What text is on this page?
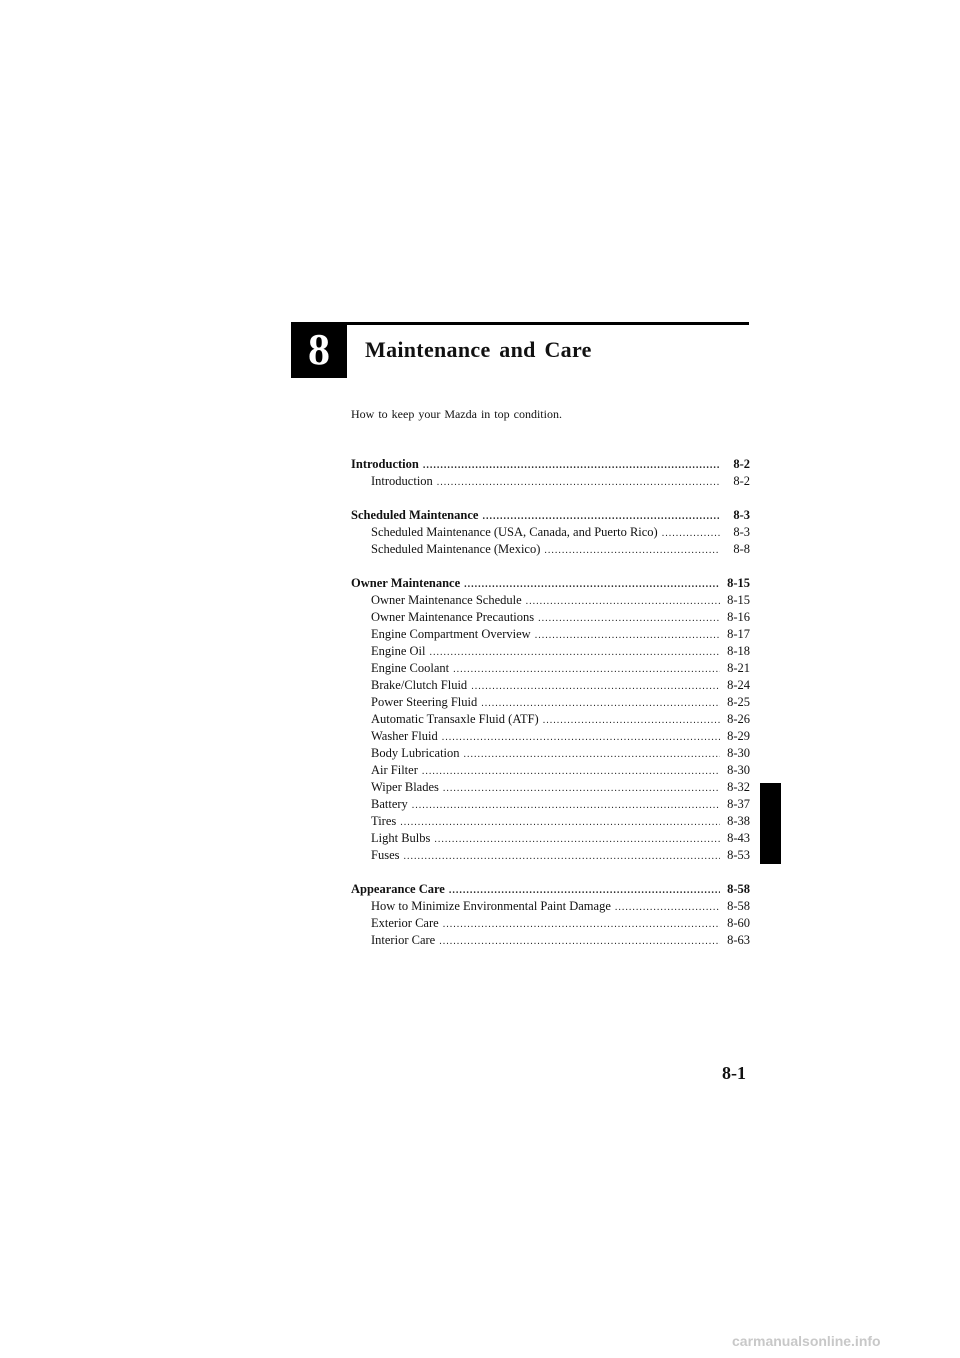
8 Maintenance and Care
How to keep your Mazda in top condition.
Introduction .....	8-2
Introduction .....	8-2
Scheduled Maintenance .....	8-3
Scheduled Maintenance (USA, Canada, and Puerto Rico) .....	8-3
Scheduled Maintenance (Mexico) .....	8-8
Owner Maintenance .....	8-15
Owner Maintenance Schedule .....	8-15
Owner Maintenance Precautions .....	8-16
Engine Compartment Overview .....	8-17
Engine Oil .....	8-18
Engine Coolant .....	8-21
Brake/Clutch Fluid .....	8-24
Power Steering Fluid .....	8-25
Automatic Transaxle Fluid (ATF) .....	8-26
Washer Fluid .....	8-29
Body Lubrication .....	8-30
Air Filter .....	8-30
Wiper Blades .....	8-32
Battery .....	8-37
Tires .....	8-38
Light Bulbs .....	8-43
Fuses .....	8-53
Appearance Care .....	8-58
How to Minimize Environmental Paint Damage .....	8-58
Exterior Care .....	8-60
Interior Care .....	8-63
8-1
carmanualsonline.info
